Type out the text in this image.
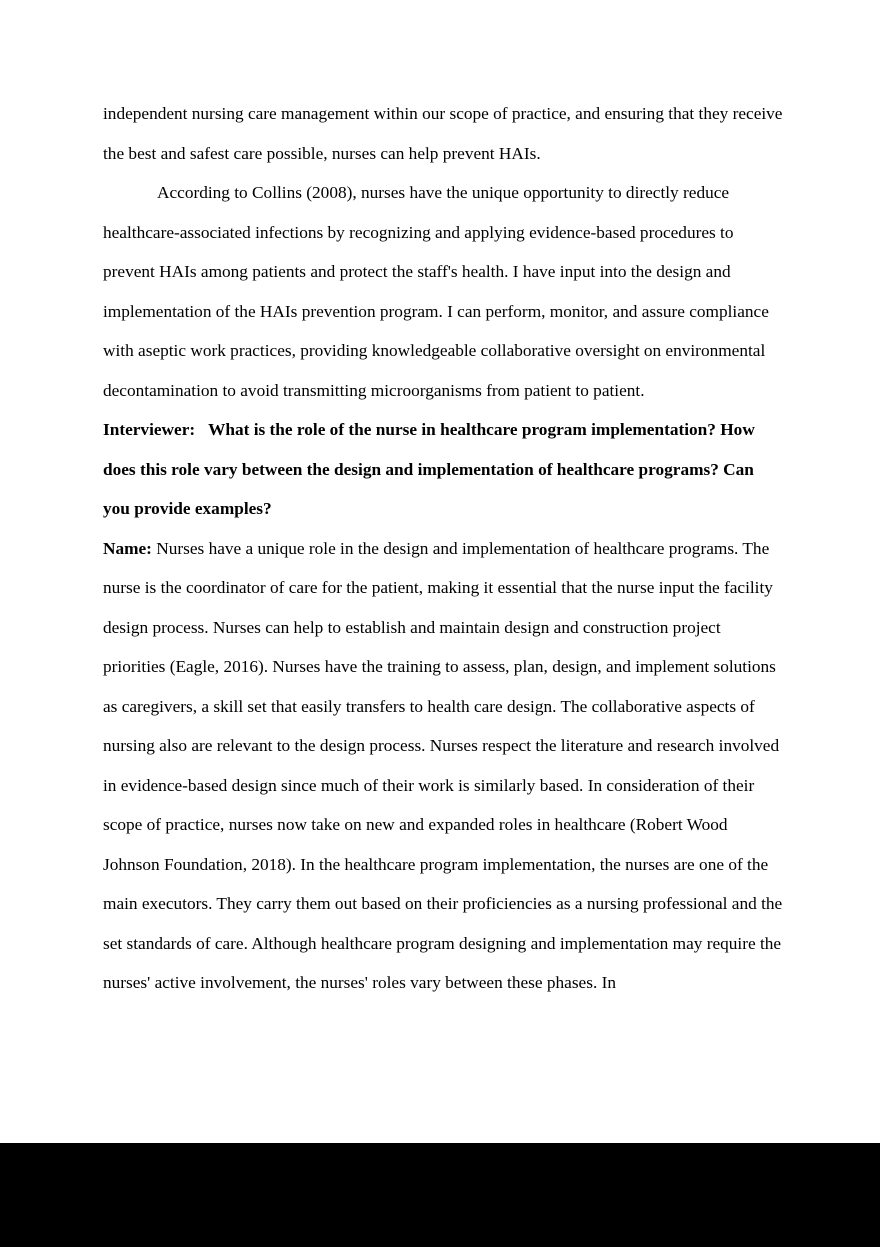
independent nursing care management within our scope of practice, and ensuring that they receive the best and safest care possible, nurses can help prevent HAIs.

According to Collins (2008), nurses have the unique opportunity to directly reduce healthcare-associated infections by recognizing and applying evidence-based procedures to prevent HAIs among patients and protect the staff's health. I have input into the design and implementation of the HAIs prevention program. I can perform, monitor, and assure compliance with aseptic work practices, providing knowledgeable collaborative oversight on environmental decontamination to avoid transmitting microorganisms from patient to patient.

Interviewer:   What is the role of the nurse in healthcare program implementation? How does this role vary between the design and implementation of healthcare programs? Can you provide examples?

Name: Nurses have a unique role in the design and implementation of healthcare programs. The nurse is the coordinator of care for the patient, making it essential that the nurse input the facility design process. Nurses can help to establish and maintain design and construction project priorities (Eagle, 2016). Nurses have the training to assess, plan, design, and implement solutions as caregivers, a skill set that easily transfers to health care design. The collaborative aspects of nursing also are relevant to the design process. Nurses respect the literature and research involved in evidence-based design since much of their work is similarly based. In consideration of their scope of practice, nurses now take on new and expanded roles in healthcare (Robert Wood Johnson Foundation, 2018). In the healthcare program implementation, the nurses are one of the main executors. They carry them out based on their proficiencies as a nursing professional and the set standards of care. Although healthcare program designing and implementation may require the nurses' active involvement, the nurses' roles vary between these phases. In
